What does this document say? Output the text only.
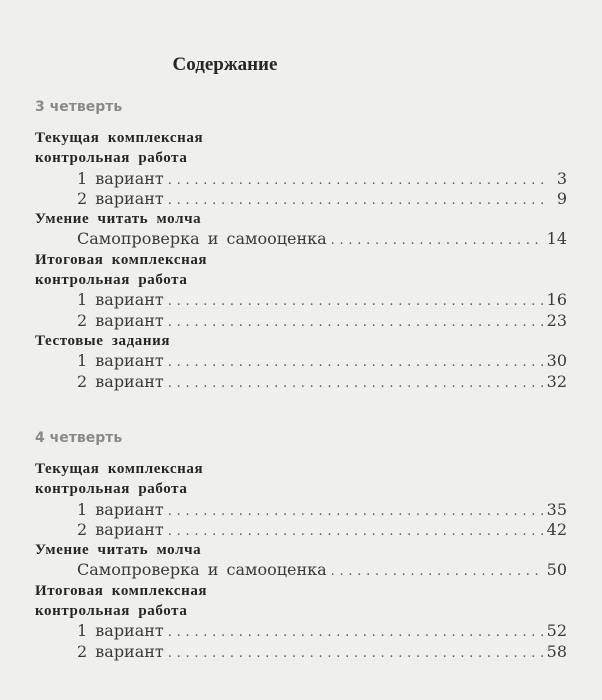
Содержание
3 четверть
Текущая комплексная
контрольная работа
1 вариант . . .	3
2 вариант . . .	9
Умение читать молча
Самопроверка и самооценка . . .	14
Итоговая комплексная
контрольная работа
1 вариант . . .	16
2 вариант . . .	23
Тестовые задания
1 вариант . . .	30
2 вариант . . .	32
4 четверть
Текущая комплексная
контрольная работа
1 вариант . . .	35
2 вариант . . .	42
Умение читать молча
Самопроверка и самооценка . . .	50
Итоговая комплексная
контрольная работа
1 вариант . . .	52
2 вариант . . .	58
